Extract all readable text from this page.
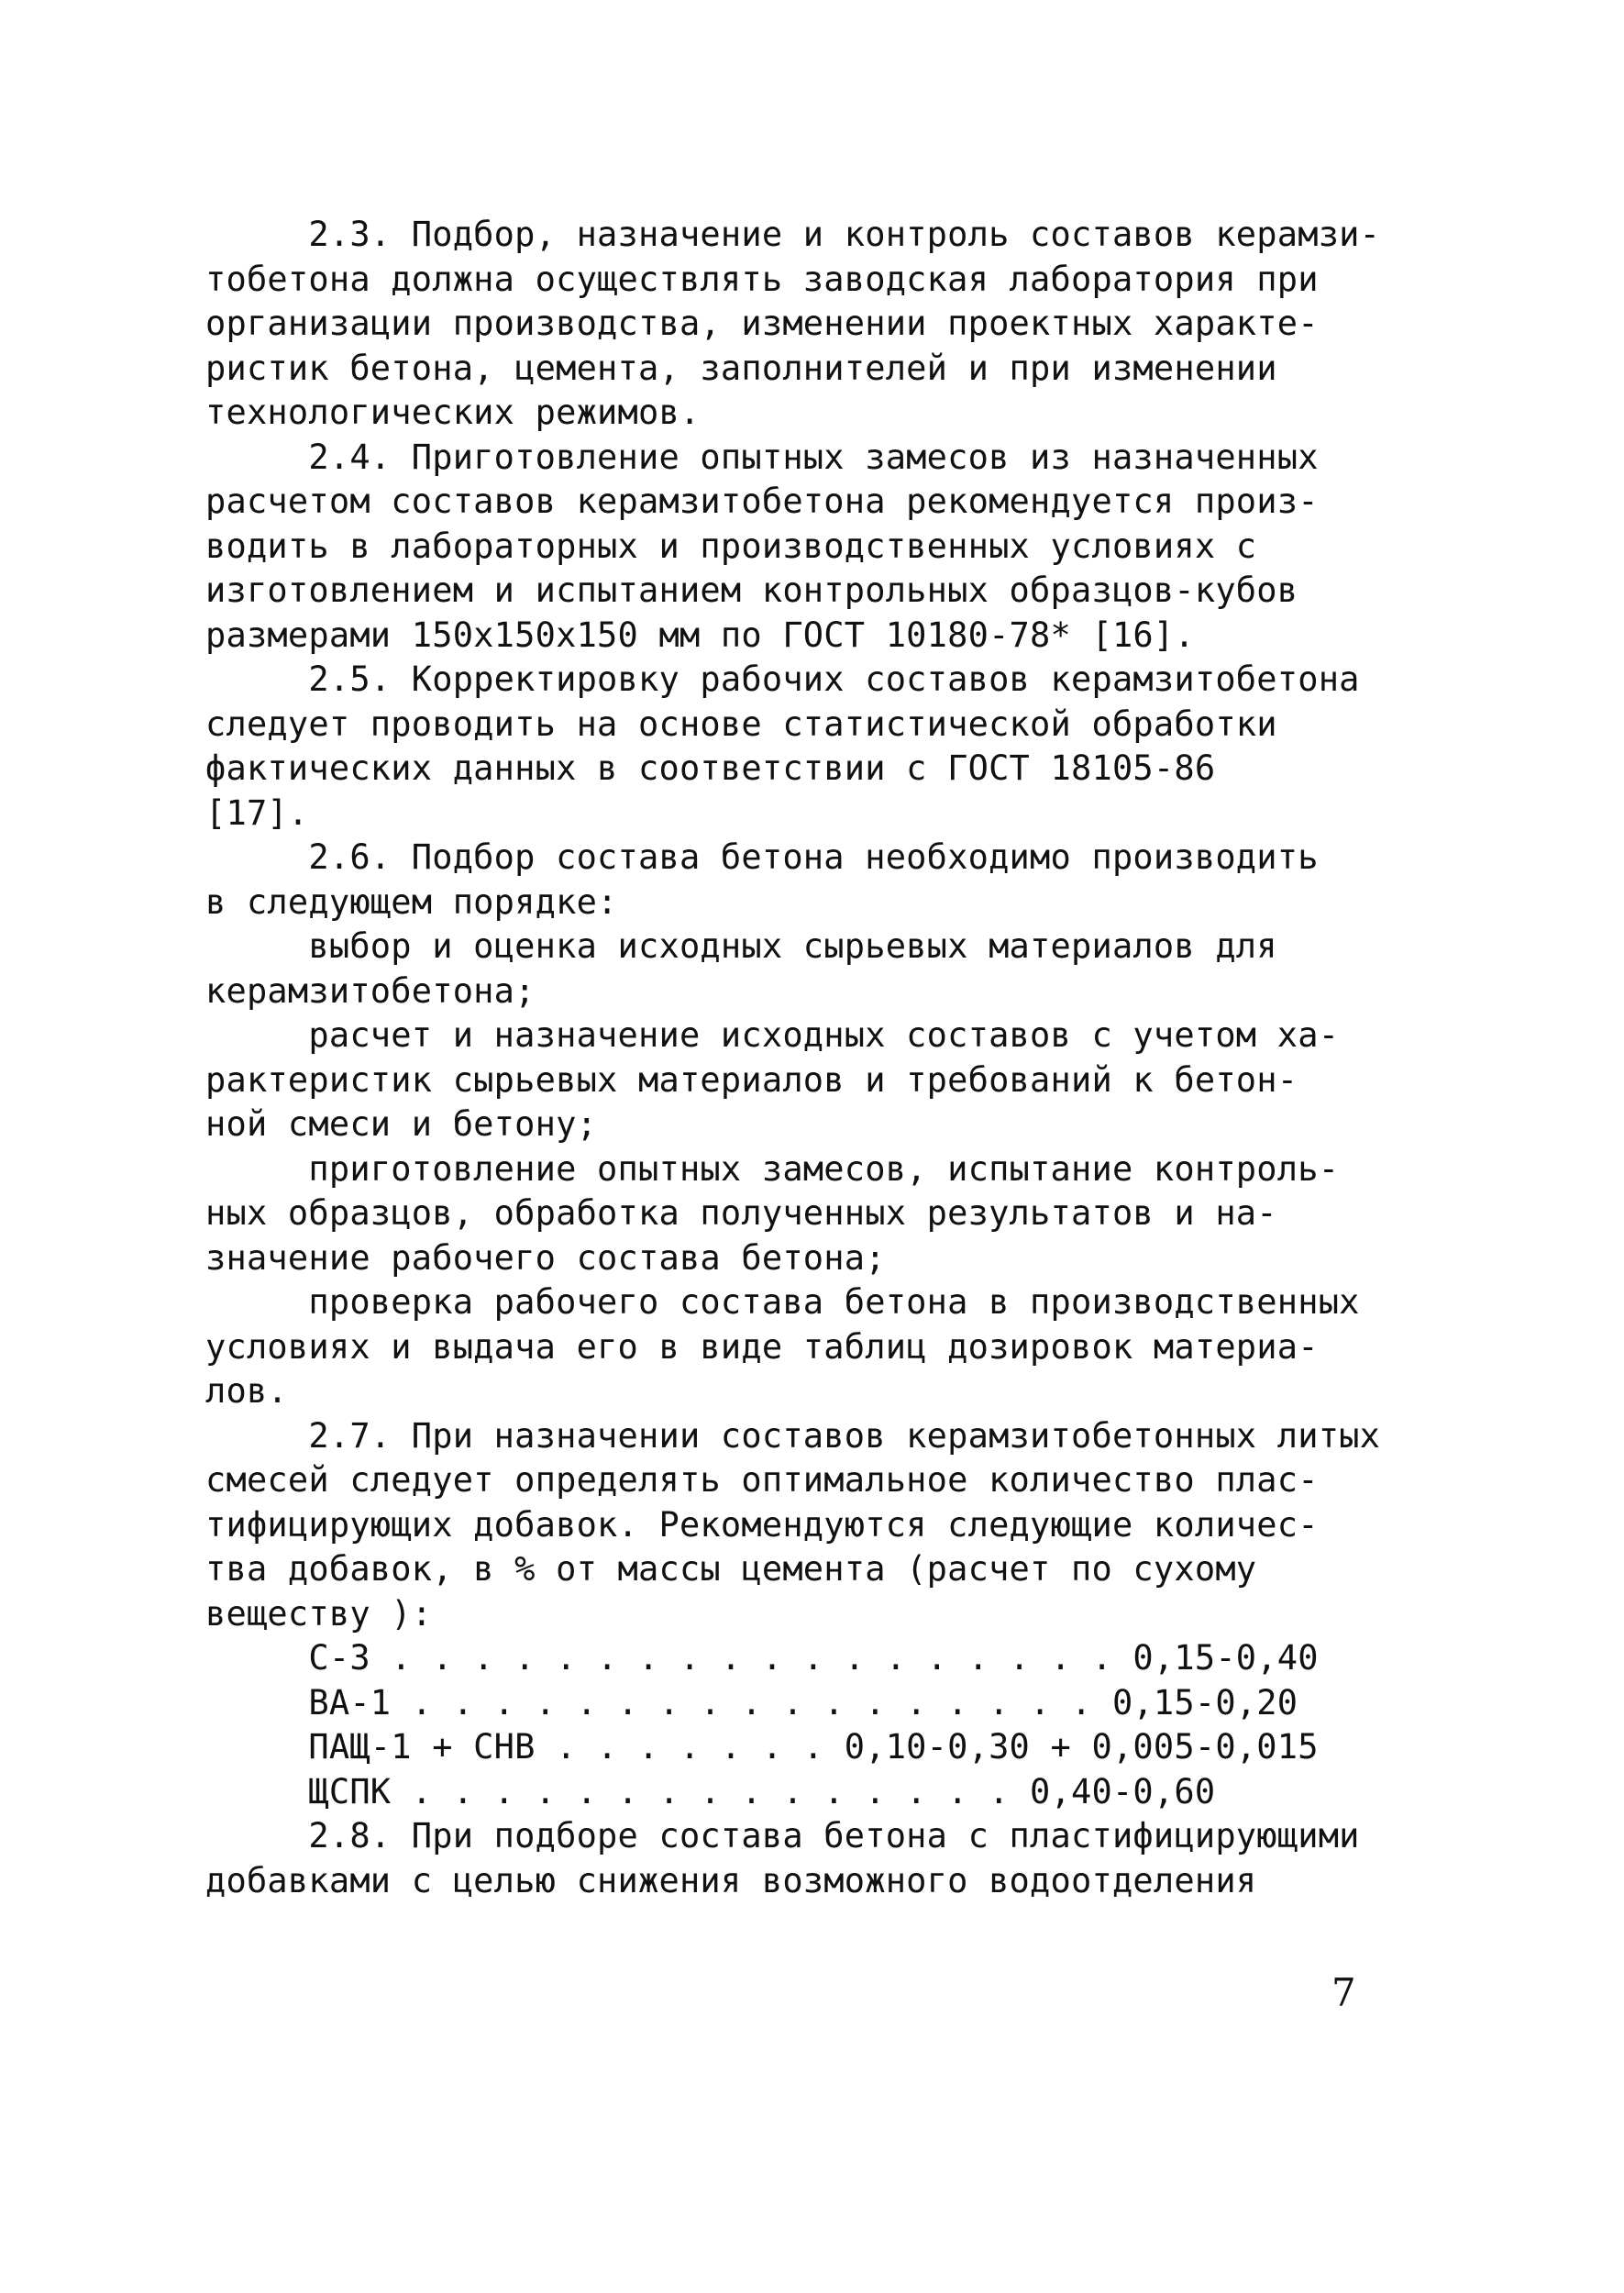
2.3. Подбор, назначение и контроль составов керамзи-
тобетона должна осуществлять заводская лаборатория при
организации производства, изменении проектных характе-
ристик бетона, цемента, заполнителей и при изменении
технологических режимов.
2.4. Приготовление опытных замесов из назначенных
расчетом составов керамзитобетона рекомендуется произ-
водить в лабораторных и производственных условиях с
изготовлением и испытанием контрольных образцов-кубов
размерами 150x150x150 мм по ГОСТ 10180-78* [16].
2.5. Корректировку рабочих составов керамзитобетона
следует проводить на основе статистической обработки
фактических данных в соответствии с ГОСТ 18105-86
[17].
2.6. Подбор состава бетона необходимо производить
в следующем порядке:
выбор и оценка исходных сырьевых материалов для
керамзитобетона;
расчет и назначение исходных составов с учетом ха-
рактеристик сырьевых материалов и требований к бетон-
ной смеси и бетону;
приготовление опытных замесов, испытание контроль-
ных образцов, обработка полученных результатов и на-
значение рабочего состава бетона;
проверка рабочего состава бетона в производственных
условиях и выдача его в виде таблиц дозировок материа-
лов.
2.7. При назначении составов керамзитобетонных литых
смесей следует определять оптимальное количество плас-
тифицирующих добавок. Рекомендуются следующие количес-
тва добавок, в % от массы цемента (расчет по сухому
веществу ):
С-3 . . . . . . . . . . . . . . . . . . 0,15-0,40
ВА-1 . . . . . . . . . . . . . . . . . 0,15-0,20
ПАЩ-1 + СНВ . . . . . . . 0,10-0,30 + 0,005-0,015
ЩСПК . . . . . . . . . . . . . . . 0,40-0,60
2.8. При подборе состава бетона с пластифицирующими
добавками с целью снижения возможного водоотделения
7
